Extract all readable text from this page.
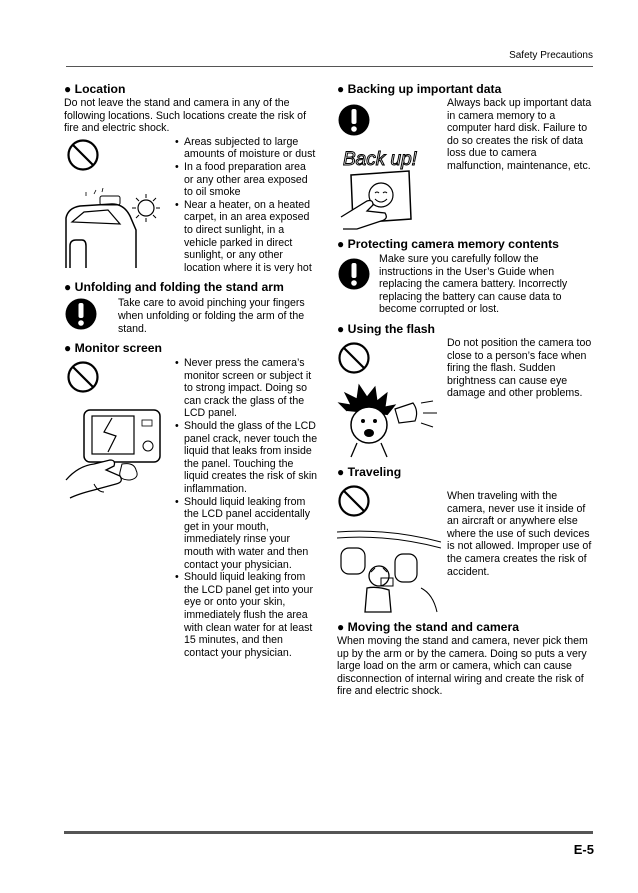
Safety Precautions
● Location
Do not leave the stand and camera in any of the following locations. Such locations create the risk of fire and electric shock.
• Areas subjected to large amounts of moisture or dust
• In a food preparation area or any other area exposed to oil smoke
• Near a heater, on a heated carpet, in an area exposed to direct sunlight, in a vehicle parked in direct sunlight, or any other location where it is very hot
● Unfolding and folding the stand arm
Take care to avoid pinching your fingers when unfolding or folding the arm of the stand.
● Monitor screen
• Never press the camera’s monitor screen or subject it to strong impact. Doing so can crack the glass of the LCD panel.
• Should the glass of the LCD panel crack, never touch the liquid that leaks from inside the panel. Touching the liquid creates the risk of skin inflammation.
• Should liquid leaking from the LCD panel accidentally get in your mouth, immediately rinse your mouth with water and then contact your physician.
• Should liquid leaking from the LCD panel get into your eye or onto your skin, immediately flush the area with clean water for at least 15 minutes, and then contact your physician.
● Backing up important data
Back up!
Always back up important data in camera memory to a computer hard disk. Failure to do so creates the risk of data loss due to camera malfunction, maintenance, etc.
● Protecting camera memory contents
Make sure you carefully follow the instructions in the User’s Guide when replacing the camera battery. Incorrectly replacing the battery can cause data to become corrupted or lost.
● Using the flash
Do not position the camera too close to a person’s face when firing the flash. Sudden brightness can cause eye damage and other problems.
● Traveling
When traveling with the camera, never use it inside of an aircraft or anywhere else where the use of such devices is not allowed. Improper use of the camera creates the risk of accident.
● Moving the stand and camera
When moving the stand and camera, never pick them up by the arm or by the camera. Doing so puts a very large load on the arm or camera, which can cause disconnection of internal wiring and create the risk of fire and electric shock.
E-5
